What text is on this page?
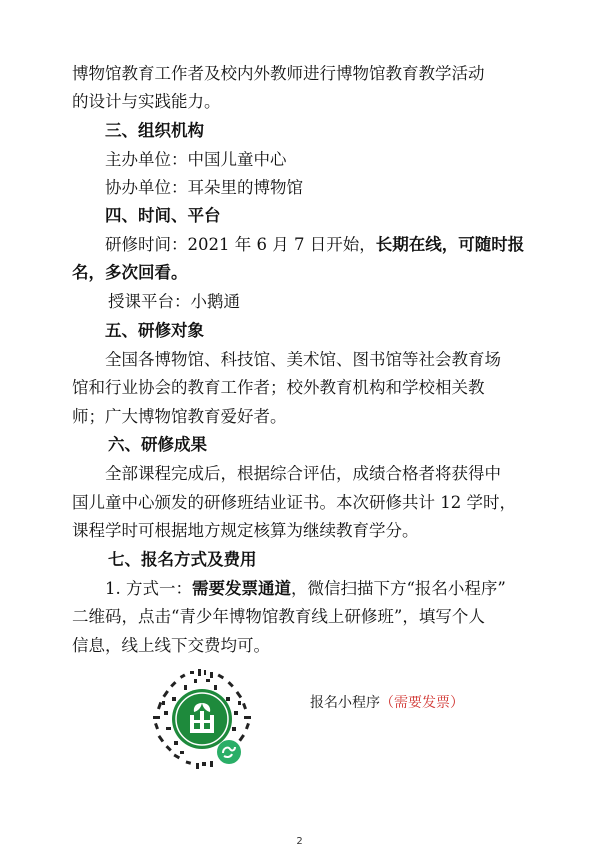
博物馆教育工作者及校内外教师进行博物馆教育教学活动
的设计与实践能力。
三、组织机构
主办单位：中国儿童中心
协办单位：耳朵里的博物馆
四、时间、平台
研修时间：2021 年 6 月 7 日开始，长期在线，可随时报
名，多次回看。
授课平台：小鹅通
五、研修对象
全国各博物馆、科技馆、美术馆、图书馆等社会教育场
馆和行业协会的教育工作者；校外教育机构和学校相关教
师；广大博物馆教育爱好者。
六、研修成果
全部课程完成后，根据综合评估，成绩合格者将获得中
国儿童中心颁发的研修班结业证书。本次研修共计 12 学时，
课程学时可根据地方规定核算为继续教育学分。
七、报名方式及费用
1. 方式一：需要发票通道，微信扫描下方“报名小程序”
二维码，点击“青少年博物馆教育线上研修班”，填写个人
信息，线上线下交费均可。
报名小程序（需要发票）
2
